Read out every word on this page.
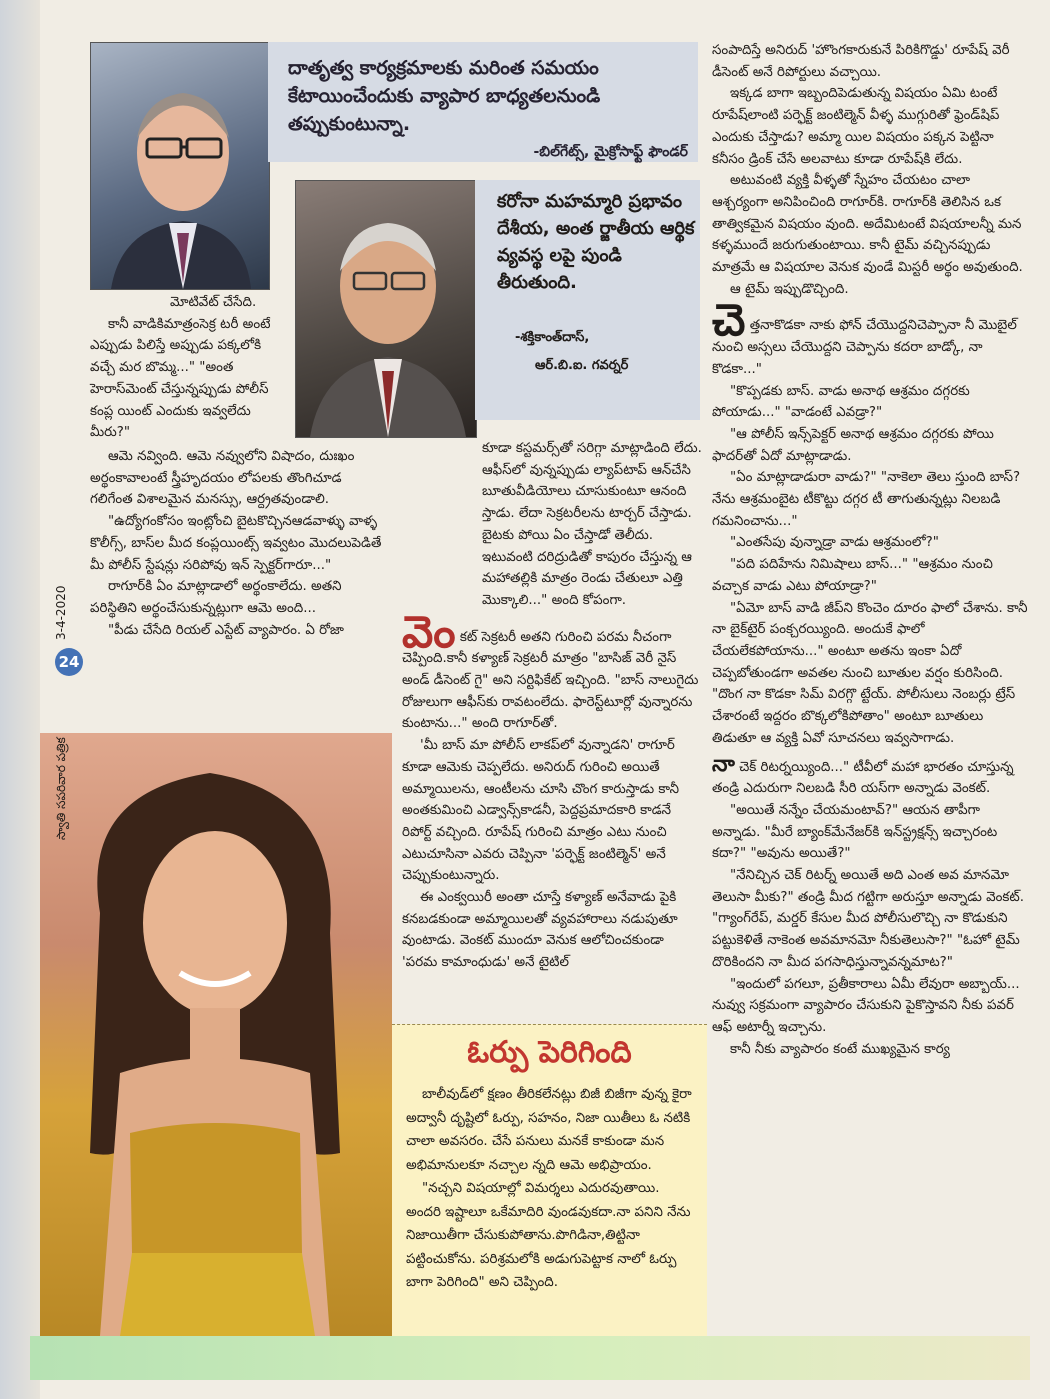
దాతృత్వ కార్యక్రమాలకు మరింత సమయం కేటాయించేందుకు వ్యాపార బాధ్యతలనుండి తప్పుకుంటున్నా.
-బిల్‌గేట్స్, మైక్రోసాఫ్ట్ ఫౌండర్
కరోనా మహమ్మారి ప్రభావం దేశీయ, అంత ర్జాతీయ ఆర్థిక వ్యవస్థ లపై పుండి తీరుతుంది.
-శక్తికాంత్‌దాస్,
ఆర్.బి.ఐ. గవర్నర్

మోటివేట్ చేసేది.

కానీ వాడికిమాత్రంసెక్ర టరీ అంటే ఎప్పుడు పిలిస్తే అప్పుడు పక్కలోకి వచ్చే మర బొమ్మ..." "అంత హెరాస్‌మెంట్ చేస్తున్నప్పుడు పోలీస్ కంప్ల యింట్ ఎందుకు ఇవ్వలేదు మీరు?"

ఆమె నవ్వింది. ఆమె నవ్వులోని విషాదం, దుఃఖం అర్థంకావాలంటే స్త్రీహృదయం లోపలకు తొంగిచూడ గలిగేంత విశాలమైన మనస్సు, ఆర్ద్రతవుండాలి.

"ఉద్యోగంకోసం ఇంట్లోంచి బైటకొచ్చినఆడవాళ్ళు వాళ్ళ కొలీగ్స్, బాస్‌ల మీద కంప్లయింట్స్ ఇవ్వటం మొదలుపెడితే మీ పోలీస్ స్టేషన్లు సరిపోవు ఇన్ స్పెక్టర్‌గారూ..."

రాగూర్‌కి ఏం మాట్లాడాలో అర్థంకాలేదు. అతని పరిస్థితిని అర్థంచేసుకున్నట్లుగా ఆమె అంది...

"పీడు చేసేది రియల్ ఎస్టేట్ వ్యాపారం. ఏ రోజా

కూడా కస్టమర్స్‌తో సరిగ్గా మాట్లాడింది లేదు. ఆఫీస్‌లో వున్నప్పుడు ల్యాప్‌టాప్ ఆన్‌చేసి బూతువీడియోలు చూసుకుంటూ ఆనంది స్తాడు. లేదా సెక్రటరీలను టార్చర్ చేస్తాడు. బైటకు పోయి ఏం చేస్తాడో తెలీదు. ఇటువంటి దరిద్రుడితో కాపురం చేస్తున్న ఆ మహాతల్లికి మాత్రం రెండు చేతులూ ఎత్తి మొక్కాలి..." అంది కోపంగా.

వెం కట్ సెక్రటరీ అతని గురించి పరమ నీచంగా చెప్పింది.కానీ కళ్యాణ్ సెక్రటరీ మాత్రం "బాసిజ్ వెరీ నైస్ అండ్ డీసెంట్ గై" అని సర్టిఫికేట్ ఇచ్చింది. "బాస్ నాలుగైదు రోజులుగా ఆఫీస్‌కు రావటంలేదు. ఫారెస్ట్‌టూర్లో వున్నారను కుంటాను..." అంది రాగూర్‌తో.

'మీ బాస్ మా పోలీస్ లాకప్‌లో వున్నాడని' రాగూర్ కూడా ఆమెకు చెప్పలేదు. అనిరుద్ గురించి అయితే అమ్మాయిలను, ఆంటీలను చూసి చొంగ కారుస్తాడు కానీ అంతకుమించి ఎడ్వాన్స్‌కాడనీ, పెద్దప్రమాదకారి కాడనే రిపోర్ట్ వచ్చింది. రూపేష్ గురించి మాత్రం ఎటు నుంచి ఎటుచూసినా ఎవరు చెప్పినా 'పర్ఫెక్ట్ జంటిల్మెన్' అనే చెప్పుకుంటున్నారు.

ఈ ఎంక్వయిరీ అంతా చూస్తే కళ్యాణ్ అనేవాడు పైకి కనబడకుండా అమ్మాయిలతో వ్యవహారాలు నడుపుతూ వుంటాడు. వెంకట్ ముందూ వెనుక ఆలోచించకుండా 'పరమ కామాంధుడు' అనే టైటిల్

సంపాదిస్తే అనిరుద్ 'హొంగకారుకునే పిరికిగొడ్డు' రూపేష్ వెరీ డీసెంట్ అనే రిపోర్టులు వచ్చాయి.

ఇక్కడ బాగా ఇబ్బందిపెడుతున్న విషయం ఏమి టంటే రూపేష్‌లాంటి పర్ఫెక్ట్ జంటిల్మెన్ వీళ్ళ ముగ్గురితో ఫ్రెండ్‌షిప్ ఎందుకు చేస్తాడు? అమ్మా యిల విషయం పక్కన పెట్టినా కనీసం డ్రింక్ చేసే అలవాటు కూడా రూపేష్‌కి లేదు.

అటువంటి వ్యక్తి వీళ్ళతో స్నేహం చేయటం చాలా ఆశ్చర్యంగా అనిపించింది రాగూర్‌కి. రాగూర్‌కి తెలిసిన ఒక తాత్వికమైన విషయం వుంది. అదేమిటంటే విషయాలన్నీ మన కళ్ళముందే జరుగుతుంటాయి. కానీ టైమ్ వచ్చినప్పుడు మాత్రమే ఆ విషయాల వెనుక వుండే మిస్టరీ అర్థం అవుతుంది.

ఆ టైమ్ ఇప్పుడొచ్చింది.

చె త్తనాకొడకా నాకు ఫోన్ చేయొద్దనిచెప్పానా నీ మొబైల్ నుంచి అస్సలు చేయొద్దని చెప్పాను కదరా బాడ్కో, నా కొడకా..."

"కొప్పడకు బాస్. వాడు అనాథ ఆశ్రమం దగ్గరకు పోయాడు..." "వాడంటే ఎవడ్రా?"

"ఆ పోలీస్ ఇన్స్‌పెక్టర్ అనాథ ఆశ్రమం దగ్గరకు పోయి ఫాదర్‌తో ఏదో మాట్లాడాడు.

"ఏం మాట్లాడాడురా వాడు?" "నాకెలా తెలు స్తుంది బాస్? నేను ఆశ్రమంబైట టీకొట్టు దగ్గర టీ తాగుతున్నట్లు నిలబడి గమనించాను..."

"ఎంతసేపు వున్నాడ్రా వాడు ఆశ్రమంలో?"

"పది పదిహేను నిమిషాలు బాస్..." "ఆశ్రమం నుంచి వచ్చాక వాడు ఎటు పోయాడ్రా?"

"ఏమో బాస్ వాడి జీప్‌ని కొంచెం దూరం ఫాలో చేశాను. కానీ నా బైక్‌టైర్ పంక్చరయ్యింది. అందుకే ఫాలో చేయలేకపోయాను..." అంటూ అతను ఇంకా ఏదో చెప్పబోతుండగా అవతల నుంచి బూతుల వర్షం కురిసింది. "దొంగ నా కొడకా సిమ్ విరగ్గొ ట్టేయ్. పోలీసులు నెంబర్లు ట్రేస్ చేశారంటే ఇద్దరం బొక్కలోకిపోతాం" అంటూ బూతులు తిడుతూ ఆ వ్యక్తి ఏవో సూచనలు ఇవ్వసాగాడు.

నా చెక్ రిటర్నయ్యింది..." టీవీలో మహా భారతం చూస్తున్న తండ్రి ఎదురుగా నిలబడి సీరి యస్‌గా అన్నాడు వెంకట్.

"అయితే నన్నేం చేయమంటావ్?" ఆయన తాపీగా అన్నాడు. "మీరే బ్యాంక్‌మేనేజర్‌కి ఇన్‌స్ట్రక్షన్స్ ఇచ్చారంట కదా?" "అవును అయితే?"

"నేనిచ్చిన చెక్ రిటర్న్ అయితే అది ఎంత అవ మానమో తెలుసా మీకు?" తండ్రి మీద గట్టిగా అరుస్తూ అన్నాడు వెంకట్. "గ్యాంగ్‌రేప్, మర్డర్ కేసుల మీద పోలీసులొచ్చి నా కొడుకుని పట్టుకెళితే నాకెంత అవమానమో నీకుతెలుసా?" "ఓహో టైమ్ దొరికిందని నా మీద పగసాధిస్తున్నావన్నమాట?"

"ఇందులో పగలూ, ప్రతీకారాలు ఏమీ లేవురా అబ్బాయ్... నువ్వు సక్రమంగా వ్యాపారం చేసుకుని పైకొస్తావని నీకు పవర్ ఆఫ్ అటార్నీ ఇచ్చాను.

కానీ నీకు వ్యాపారం కంటే ముఖ్యమైన కార్య

ఓర్పు పెరిగింది

బాలీవుడ్‌లో క్షణం తీరికలేనట్లు బిజీ బిజీగా వున్న కైరా అద్వానీ దృష్టిలో ఓర్పు, సహనం, నిజా యితీలు ఓ నటికి చాలా అవసరం. చేసే పనులు మనకే కాకుండా మన అభిమానులకూ నచ్చాల న్నది ఆమె అభిప్రాయం.

"నచ్చని విషయాల్లో విమర్శలు ఎదురవుతాయి. అందరి ఇష్టాలూ ఒకేమాదిరి వుండవుకదా.నా పనిని నేను నిజాయితీగా చేసుకుపోతాను.పొగిడినా,తిట్టినా పట్టించుకోను. పరిశ్రమలోకి అడుగుపెట్టాక నాలో ఓర్పు బాగా పెరిగింది" అని చెప్పింది.

24
3-4-2020
స్వాతి సపరివార పత్రిక
